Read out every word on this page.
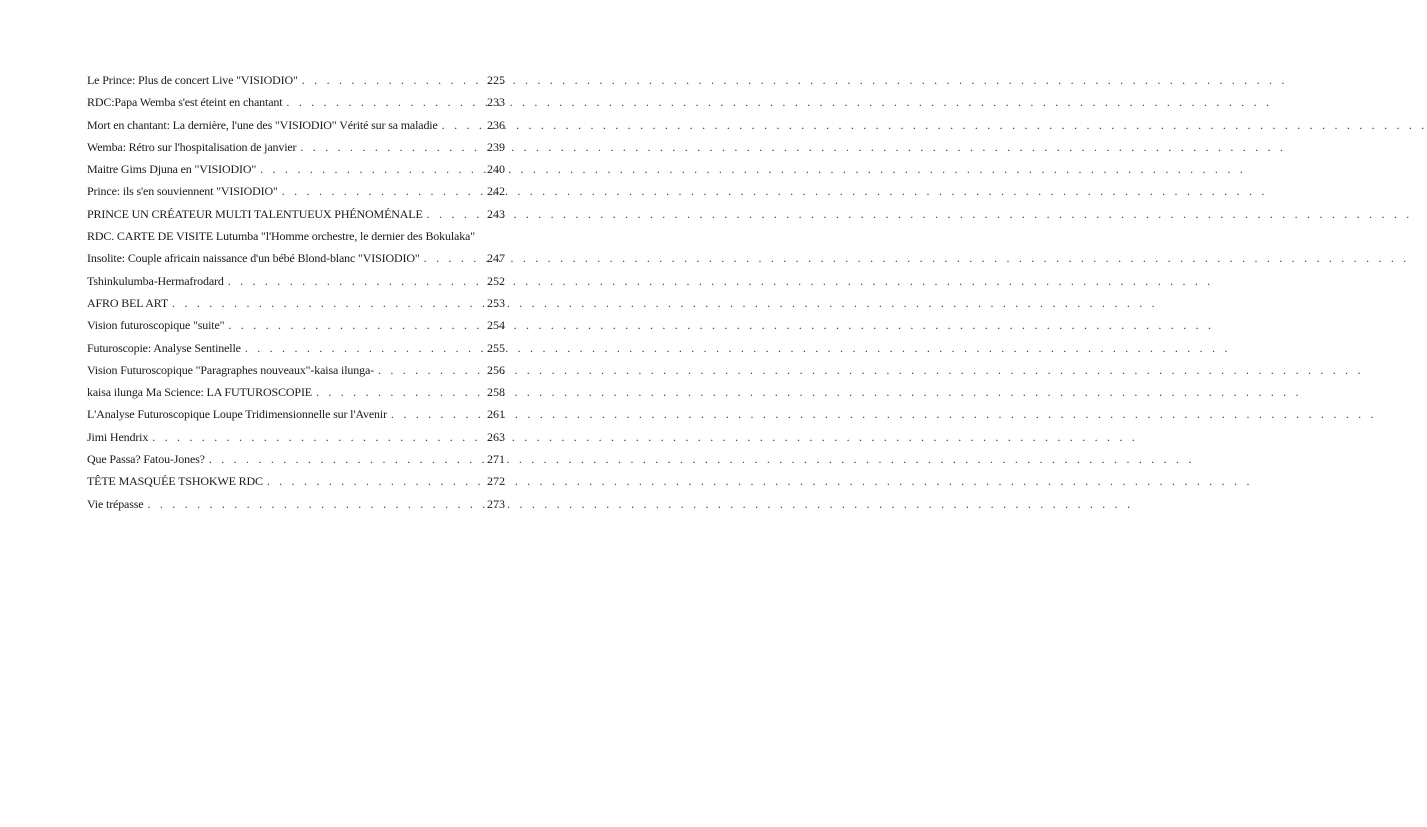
Le Prince: Plus de concert Live "VISIODIO" . . .	225
RDC:Papa Wemba s'est éteint en chantant . . .	233
Mort en chantant: La dernière, l'une des "VISIODIO" Vérité sur sa maladie . . .	236
Wemba: Rétro sur l'hospitalisation de janvier . . .	239
Maitre Gims Djuna en "VISIODIO" . . .	240
Prince: ils s'en souviennent "VISIODIO" . . .	242
PRINCE UN CRÉATEUR MULTI TALENTUEUX PHÉNOMÉNALE . . .	243
RDC. CARTE DE VISITE Lutumba "l'Homme orchestre, le dernier des Bokulaka"
Insolite: Couple africain naissance d'un bébé Blond-blanc "VISIODIO" . . .	247
Tshinkulumba-Hermafrodard . . .	252
AFRO BEL ART . . .	253
Vision futuroscopique "suite" . . .	254
Futuroscopie: Analyse Sentinelle . . .	255
Vision Futuroscopique "Paragraphes nouveaux"-kaisa ilunga- . . .	256
kaisa ilunga Ma Science: LA FUTUROSCOPIE . . .	258
L'Analyse Futuroscopique Loupe Tridimensionnelle sur l'Avenir . . .	261
Jimi Hendrix . . .	263
Que Passa? Fatou-Jones? . . .	271
TÊTE MASQUÉE TSHOKWE RDC . . .	272
Vie trépasse . . .	273
